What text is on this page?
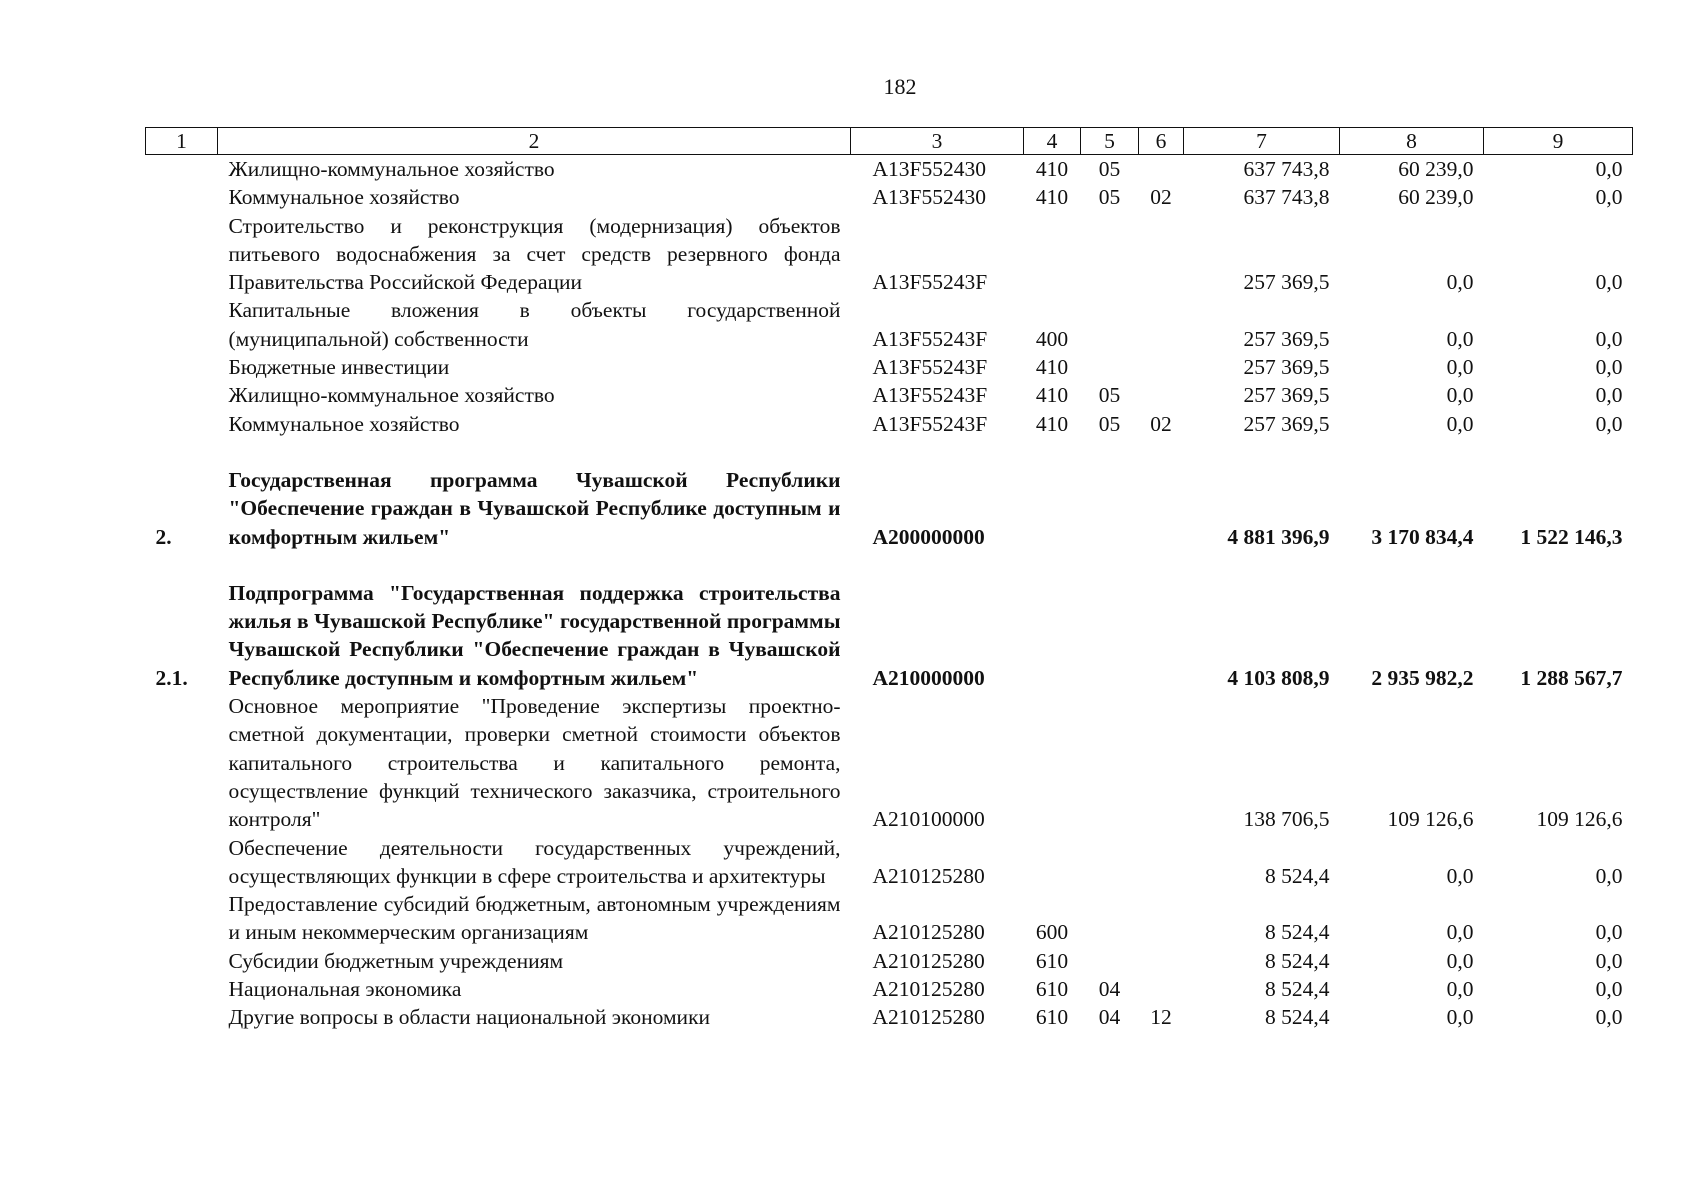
182
1	2	3	4	5	6	7	8	9
	Жилищно-коммунальное хозяйство	А13F552430	410	05		637 743,8	60 239,0	0,0
	Коммунальное хозяйство	А13F552430	410	05	02	637 743,8	60 239,0	0,0
	Строительство и реконструкция (модернизация) объектов питьевого водоснабжения за счет средств резервного фонда Правительства Российской Федерации	А13F55243F				257 369,5	0,0	0,0
	Капитальные вложения в объекты государственной (муниципальной) собственности	А13F55243F	400			257 369,5	0,0	0,0
	Бюджетные инвестиции	А13F55243F	410			257 369,5	0,0	0,0
	Жилищно-коммунальное хозяйство	А13F55243F	410	05		257 369,5	0,0	0,0
	Коммунальное хозяйство	А13F55243F	410	05	02	257 369,5	0,0	0,0

2.	Государственная программа Чувашской Республики "Обеспечение граждан в Чувашской Республике доступным и комфортным жильем"	А200000000				4 881 396,9	3 170 834,4	1 522 146,3

2.1.	Подпрограмма "Государственная поддержка строительства жилья в Чувашской Республике" государственной программы Чувашской Республики "Обеспечение граждан в Чувашской Республике доступным и комфортным жильем"	А210000000				4 103 808,9	2 935 982,2	1 288 567,7
	Основное мероприятие "Проведение экспертизы проектно-сметной документации, проверки сметной стоимости объектов капитального строительства и капитального ремонта, осуществление функций технического заказчика, строительного контроля"	А210100000				138 706,5	109 126,6	109 126,6
	Обеспечение деятельности государственных учреждений, осуществляющих функции в сфере строительства и архитектуры	А210125280				8 524,4	0,0	0,0
	Предоставление субсидий бюджетным, автономным учреждениям и иным некоммерческим организациям	А210125280	600			8 524,4	0,0	0,0
	Субсидии бюджетным учреждениям	А210125280	610			8 524,4	0,0	0,0
	Национальная экономика	А210125280	610	04		8 524,4	0,0	0,0
	Другие вопросы в области национальной экономики	А210125280	610	04	12	8 524,4	0,0	0,0
